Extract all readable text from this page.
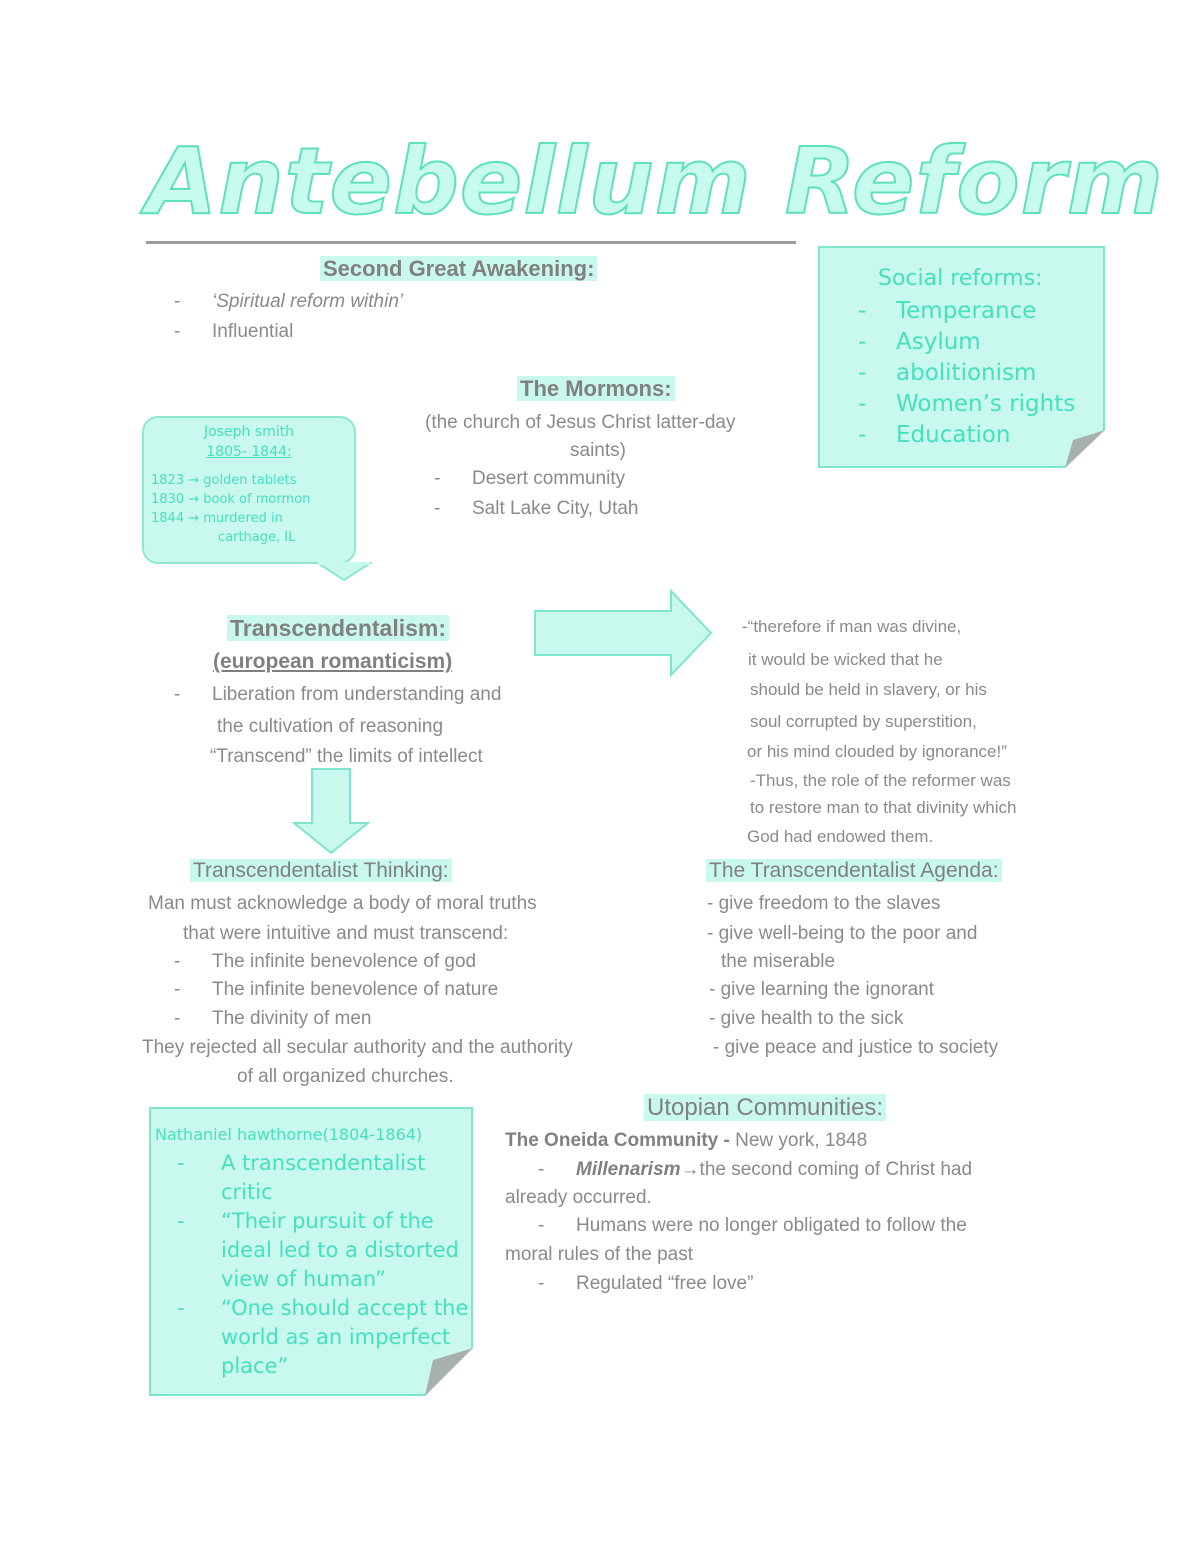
Antebellum Reform
Second Great Awakening:
- ‘Spiritual reform within’
- Influential
Social reforms:
- Temperance
- Asylum
- abolitionism
- Women’s rights
- Education
The Mormons:
(the church of Jesus Christ latter-day
saints)
- Desert community
- Salt Lake City, Utah
Joseph smith
1805- 1844:
1823 → golden tablets
1830 → book of mormon
1844 → murdered in
carthage, IL
Transcendentalism:
(european romanticism)
- Liberation from understanding and
the cultivation of reasoning
“Transcend” the limits of intellect
-“therefore if man was divine,
it would be wicked that he
should be held in slavery, or his
soul corrupted by superstition,
or his mind clouded by ignorance!”
-Thus, the role of the reformer was
to restore man to that divinity which
God had endowed them.
Transcendentalist Thinking:
Man must acknowledge a body of moral truths
that were intuitive and must transcend:
- The infinite benevolence of god
- The infinite benevolence of nature
- The divinity of men
They rejected all secular authority and the authority
of all organized churches.
The Transcendentalist Agenda:
- give freedom to the slaves
- give well-being to the poor and
the miserable
- give learning the ignorant
- give health to the sick
- give peace and justice to society
Nathaniel hawthorne(1804-1864)
- A transcendentalist
critic
- “Their pursuit of the
ideal led to a distorted
view of human”
- “One should accept the
world as an imperfect
place”
Utopian Communities:
The Oneida Community - New york, 1848
- Millenarism→the second coming of Christ had
already occurred.
- Humans were no longer obligated to follow the
moral rules of the past
- Regulated “free love”
